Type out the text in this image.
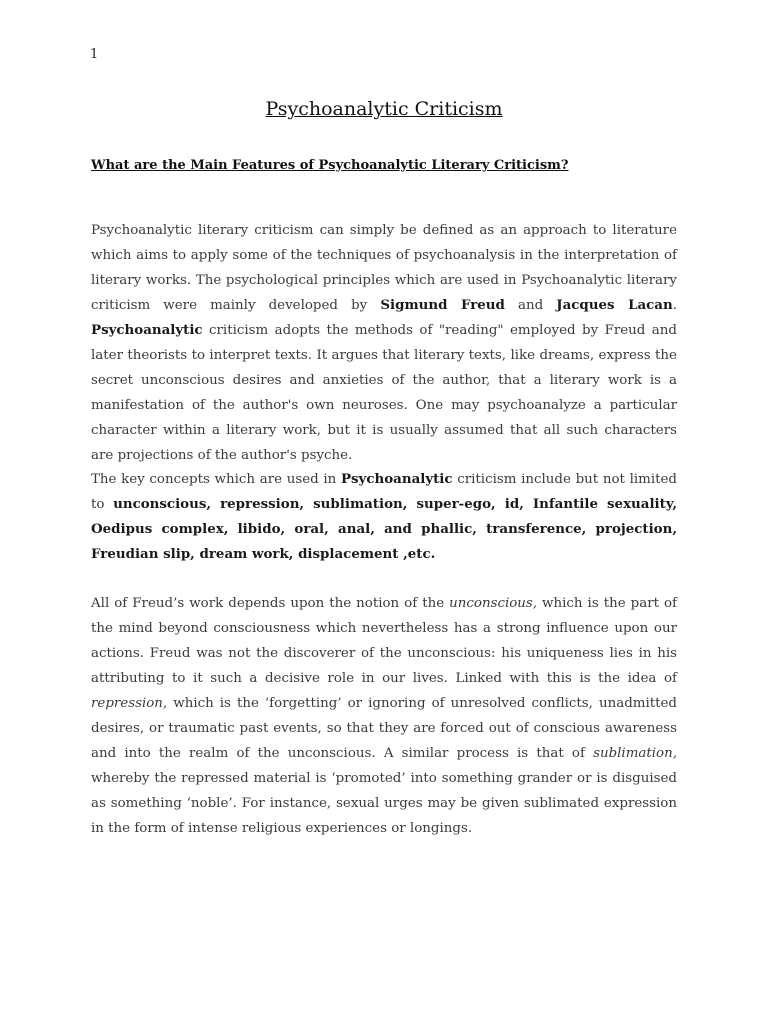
1
Psychoanalytic Criticism
What are the Main Features of Psychoanalytic Literary Criticism?

Psychoanalytic literary criticism can simply be defined as an approach to literature which aims to apply some of the techniques of psychoanalysis in the interpretation of literary works. The psychological principles which are used in Psychoanalytic literary criticism were mainly developed by Sigmund Freud and Jacques Lacan. Psychoanalytic criticism adopts the methods of "reading" employed by Freud and later theorists to interpret texts. It argues that literary texts, like dreams, express the secret unconscious desires and anxieties of the author, that a literary work is a manifestation of the author's own neuroses. One may psychoanalyze a particular character within a literary work, but it is usually assumed that all such characters are projections of the author's psyche.

The key concepts which are used in Psychoanalytic criticism include but not limited to unconscious, repression, sublimation, super-ego, id, Infantile sexuality, Oedipus complex, libido, oral, anal, and phallic, transference, projection, Freudian slip, dream work, displacement ,etc.

All of Freud’s work depends upon the notion of the unconscious, which is the part of the mind beyond consciousness which nevertheless has a strong influence upon our actions. Freud was not the discoverer of the unconscious: his uniqueness lies in his attributing to it such a decisive role in our lives. Linked with this is the idea of repression, which is the ‘forgetting’ or ignoring of unresolved conflicts, unadmitted desires, or traumatic past events, so that they are forced out of conscious awareness and into the realm of the unconscious. A similar process is that of sublimation, whereby the repressed material is ‘promoted’ into something grander or is disguised as something ‘noble’. For instance, sexual urges may be given sublimated expression in the form of intense religious experiences or longings.
